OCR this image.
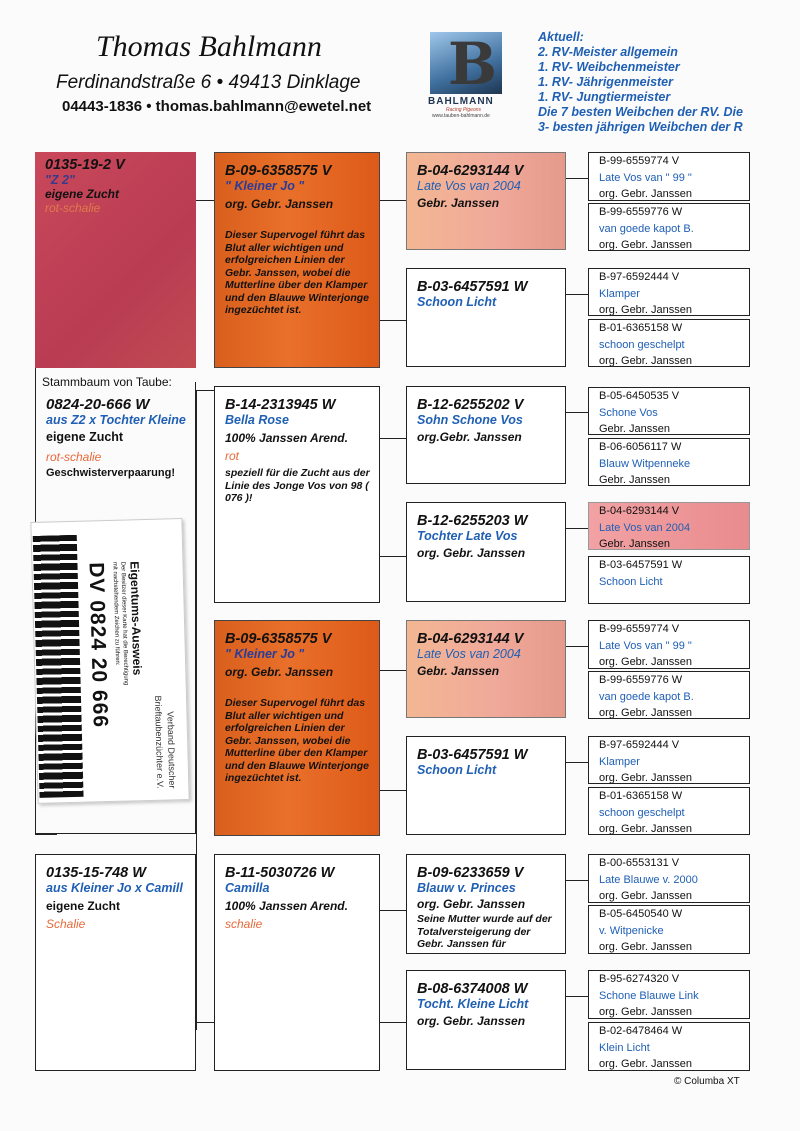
Thomas Bahlmann
Ferdinandstraße 6 • 49413 Dinklage
04443-1836 • thomas.bahlmann@ewetel.net
B
BAHLMANN
Racing Pigeons
www.tauben-bahlmann.de
Aktuell:
2. RV-Meister allgemein
1. RV- Weibchenmeister
1. RV- Jährigenmeister
1. RV- Jungtiermeister
Die 7 besten Weibchen der RV. Die
3- besten jährigen Weibchen der R
0135-19-2 V
"Z 2"
eigene Zucht
rot-schalie
Stammbaum von Taube:
0824-20-666 W
aus Z2 x Tochter Kleine
eigene Zucht
rot-schalie
Geschwisterverpaarung!
Verband Deutscher
Brieftaubenzüchter e.V.
Eigentums-Ausweis
Der Besitzer dieser Karte hat die Berechtigung
mit nachstehendem Zeichen zu führen:
DV 0824 20 666
0135-15-748 W
aus Kleiner Jo x Camill
eigene Zucht
Schalie
B-09-6358575 V
" Kleiner Jo "
org. Gebr. Janssen
Dieser Supervogel führt das Blut aller wichtigen und erfolgreichen Linien der Gebr. Janssen, wobei die Mutterline über den Klamper und den Blauwe Winterjonge ingezüchtet ist.
B-14-2313945 W
Bella Rose
100% Janssen Arend.
rot
speziell für die Zucht aus der Linie des Jonge Vos von 98 ( 076 )!
B-09-6358575 V
" Kleiner Jo "
org. Gebr. Janssen
Dieser Supervogel führt das Blut aller wichtigen und erfolgreichen Linien der Gebr. Janssen, wobei die Mutterline über den Klamper und den Blauwe Winterjonge ingezüchtet ist.
B-11-5030726 W
Camilla
100% Janssen Arend.
schalie
B-04-6293144 V
Late Vos van 2004
Gebr. Janssen
B-03-6457591 W
Schoon Licht
B-12-6255202 V
Sohn Schone Vos
org.Gebr. Janssen
B-12-6255203 W
Tochter Late Vos
org. Gebr. Janssen
B-04-6293144 V
Late Vos van 2004
Gebr. Janssen
B-03-6457591 W
Schoon Licht
B-09-6233659 V
Blauw v. Princes
org. Gebr. Janssen
Seine Mutter wurde auf der Totalversteigerung der Gebr. Janssen für
B-08-6374008 W
Tocht. Kleine Licht
org. Gebr. Janssen
B-99-6559774 V
Late Vos van " 99 "
org. Gebr. Janssen
B-99-6559776 W
van goede kapot B.
org. Gebr. Janssen
B-97-6592444 V
Klamper
org. Gebr. Janssen
B-01-6365158 W
schoon geschelpt
org. Gebr. Janssen
B-05-6450535 V
Schone Vos
Gebr. Janssen
B-06-6056117 W
Blauw Witpenneke
Gebr. Janssen
B-04-6293144 V
Late Vos van 2004
Gebr. Janssen
B-03-6457591 W
Schoon Licht
B-99-6559774 V
Late Vos van " 99 "
org. Gebr. Janssen
B-99-6559776 W
van goede kapot B.
org. Gebr. Janssen
B-97-6592444 V
Klamper
org. Gebr. Janssen
B-01-6365158 W
schoon geschelpt
org. Gebr. Janssen
B-00-6553131 V
Late Blauwe v. 2000
org. Gebr. Janssen
B-05-6450540 W
v. Witpenicke
org. Gebr. Janssen
B-95-6274320 V
Schone Blauwe Link
org. Gebr. Janssen
B-02-6478464 W
Klein Licht
org. Gebr. Janssen
© Columba XT
